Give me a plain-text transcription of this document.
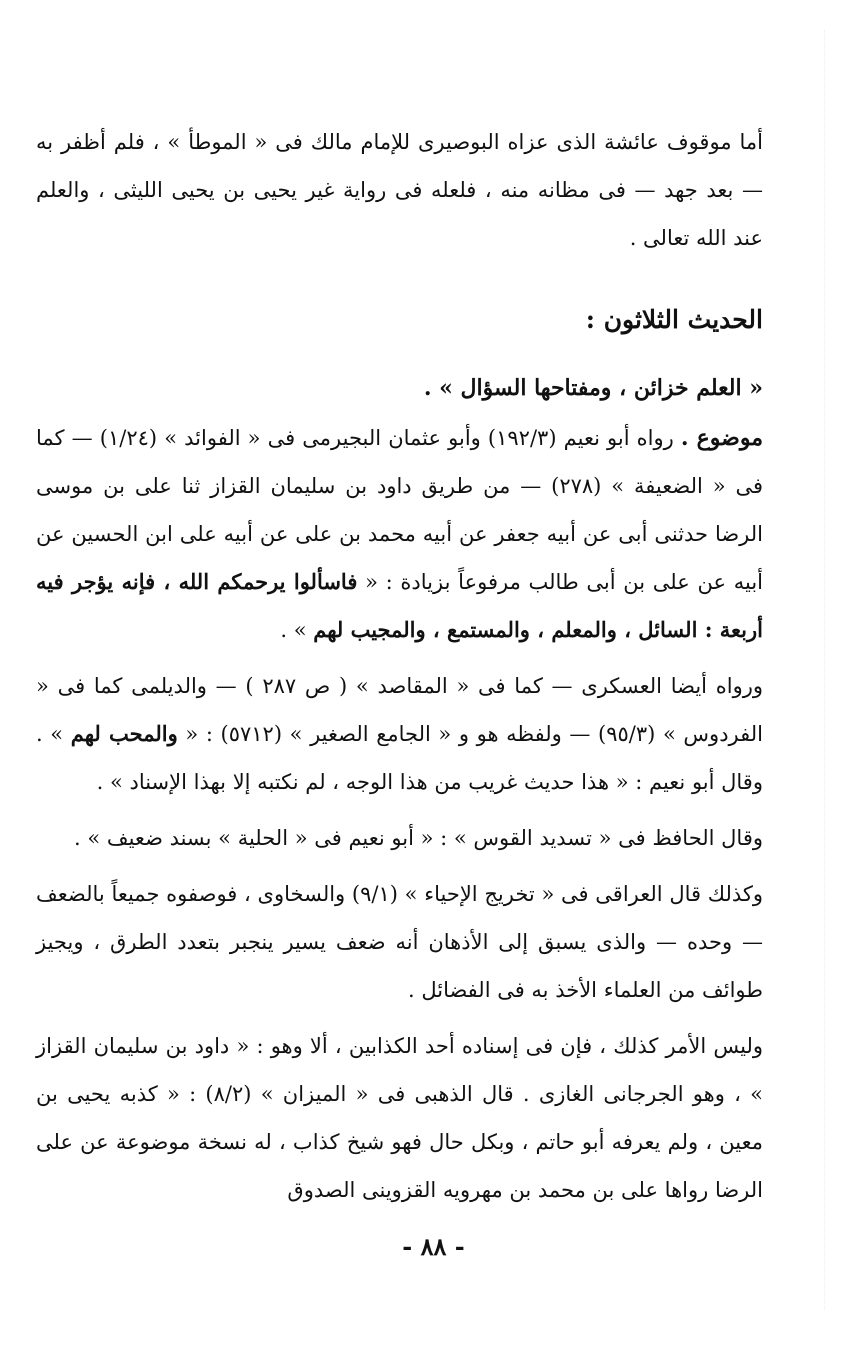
أما موقوف عائشة الذى عزاه البوصيرى للإمام مالك فى « الموطأ » ، فلم أظفر به — بعد جهد — فى مظانه منه ، فلعله فى رواية غير يحيى بن يحيى الليثى ، والعلم عند الله تعالى .

الحديث الثلاثون :

« العلم خزائن ، ومفتاحها السؤال » .

موضوع . رواه أبو نعيم (١٩٢/٣) وأبو عثمان البجيرمى فى « الفوائد » (١/٢٤) — كما فى « الضعيفة » (٢٧٨) — من طريق داود بن سليمان القزاز ثنا على بن موسى الرضا حدثنى أبى عن أبيه جعفر عن أبيه محمد بن على عن أبيه على ابن الحسين عن أبيه عن على بن أبى طالب مرفوعاً بزيادة : « فاسألوا يرحمكم الله ، فإنه يؤجر فيه أربعة : السائل ، والمعلم ، والمستمع ، والمجيب لهم » .

ورواه أيضا العسكرى — كما فى « المقاصد » ( ص ٢٨٧ ) — والديلمى كما فى « الفردوس » (٩٥/٣) — ولفظه هو و « الجامع الصغير » (٥٧١٢) : « والمحب لهم » . وقال أبو نعيم : « هذا حديث غريب من هذا الوجه ، لم نكتبه إلا بهذا الإسناد » .

وقال الحافظ فى « تسديد القوس » : « أبو نعيم فى « الحلية » بسند ضعيف » .

وكذلك قال العراقى فى « تخريج الإحياء » (٩/١) والسخاوى ، فوصفوه جميعاً بالضعف — وحده — والذى يسبق إلى الأذهان أنه ضعف يسير ينجبر بتعدد الطرق ، ويجيز طوائف من العلماء الأخذ به فى الفضائل .

وليس الأمر كذلك ، فإن فى إسناده أحد الكذابين ، ألا وهو : « داود بن سليمان القزاز » ، وهو الجرجانى الغازى . قال الذهبى فى « الميزان » (٨/٢) : « كذبه يحيى بن معين ، ولم يعرفه أبو حاتم ، وبكل حال فهو شيخ كذاب ، له نسخة موضوعة عن على الرضا رواها على بن محمد بن مهرويه القزوينى الصدوق

- ٨٨ -
